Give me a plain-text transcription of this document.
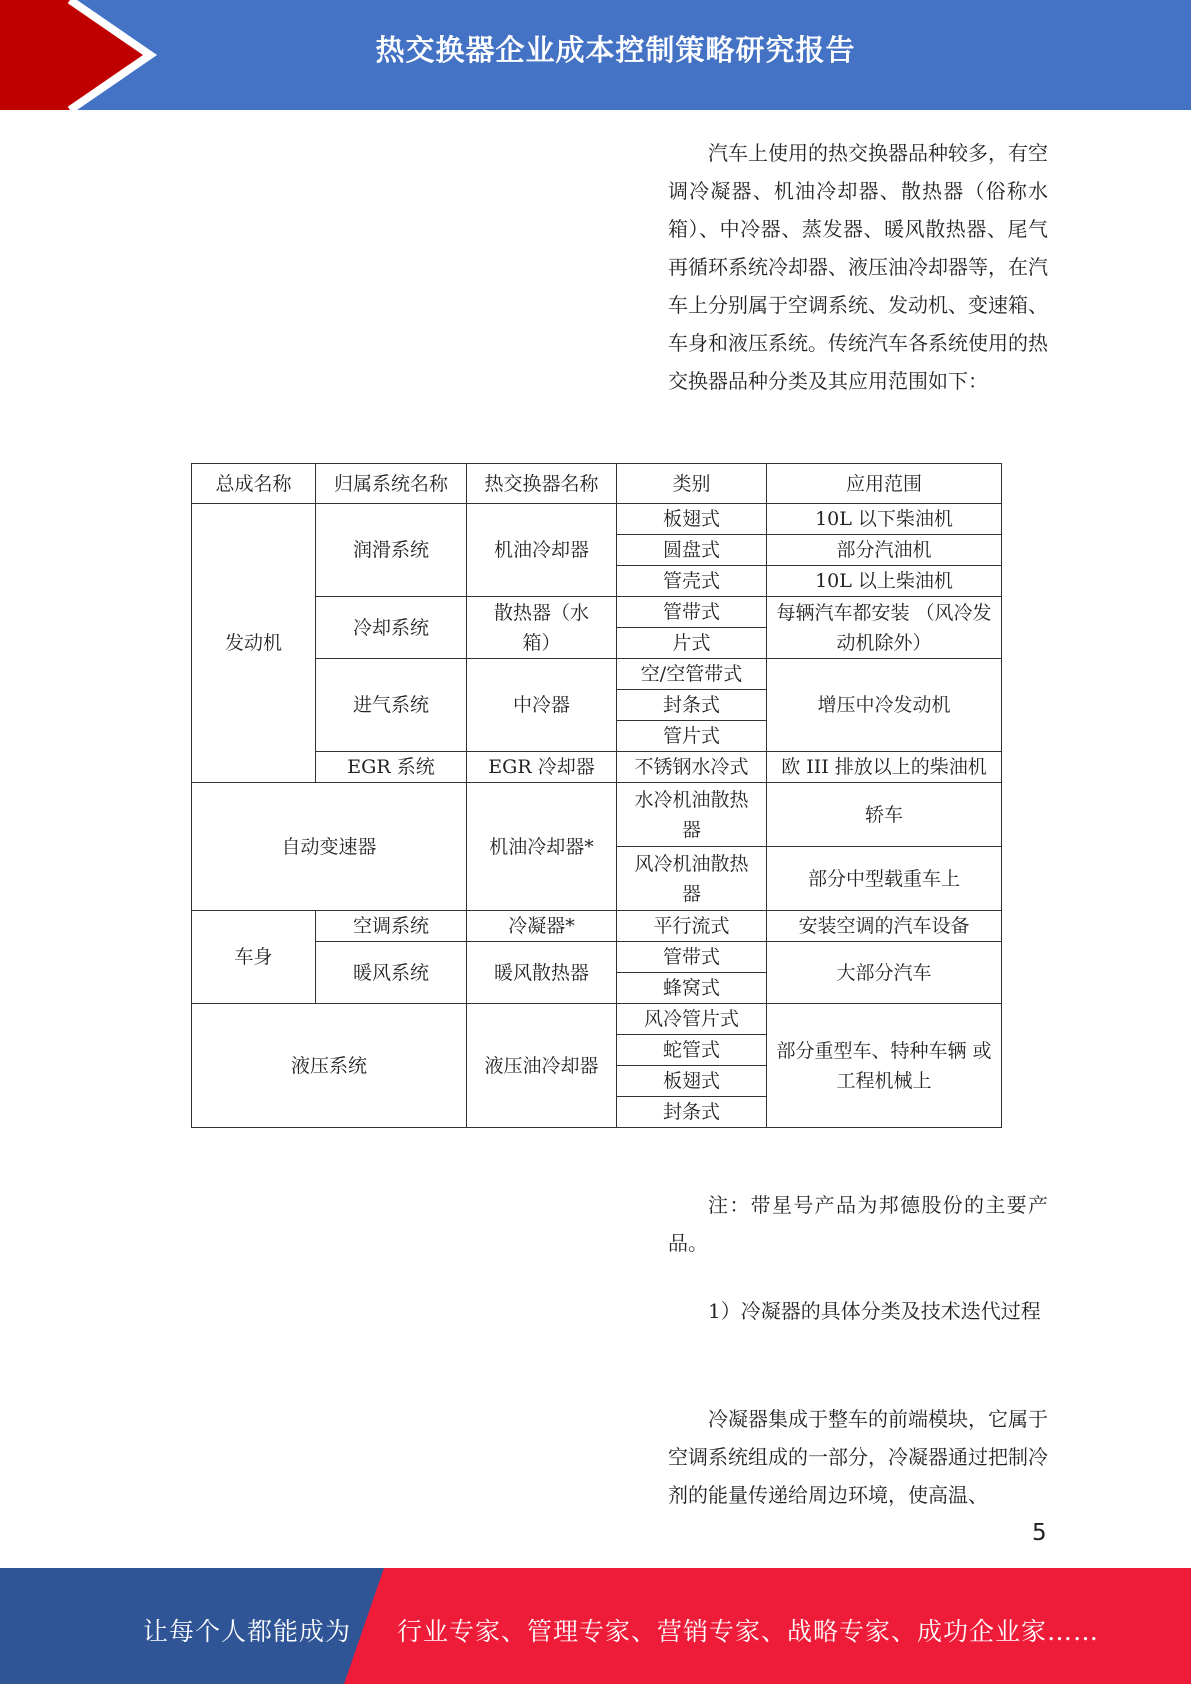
热交换器企业成本控制策略研究报告

汽车上使用的热交换器品种较多，有空调冷凝器、机油冷却器、散热器（俗称水箱）、中冷器、蒸发器、暖风散热器、尾气再循环系统冷却器、液压油冷却器等，在汽车上分别属于空调系统、发动机、变速箱、车身和液压系统。传统汽车各系统使用的热交换器品种分类及其应用范围如下：

总成名称	归属系统名称	热交换器名称	类别	应用范围
发动机	润滑系统	机油冷却器	板翅式	10L 以下柴油机
			圆盘式	部分汽油机
			管壳式	10L 以上柴油机
	冷却系统	散热器（水箱）	管带式	每辆汽车都安装 （风冷发动机除外）
			片式	
	进气系统	中冷器	空/空管带式	增压中冷发动机
			封条式	
			管片式	
	EGR 系统	EGR 冷却器	不锈钢水冷式	欧 III 排放以上的柴油机
自动变速器		机油冷却器*	水冷机油散热器	轿车
			风冷机油散热器	部分中型载重车上
车身	空调系统	冷凝器*	平行流式	安装空调的汽车设备
	暖风系统	暖风散热器	管带式	大部分汽车
			蜂窝式	
液压系统		液压油冷却器	风冷管片式	部分重型车、特种车辆 或工程机械上
			蛇管式	
			板翅式	
			封条式	

注：带星号产品为邦德股份的主要产品。

1）冷凝器的具体分类及技术迭代过程

冷凝器集成于整车的前端模块，它属于空调系统组成的一部分，冷凝器通过把制冷剂的能量传递给周边环境，使高温、

5
让每个人都能成为 行业专家、管理专家、营销专家、战略专家、成功企业家……
